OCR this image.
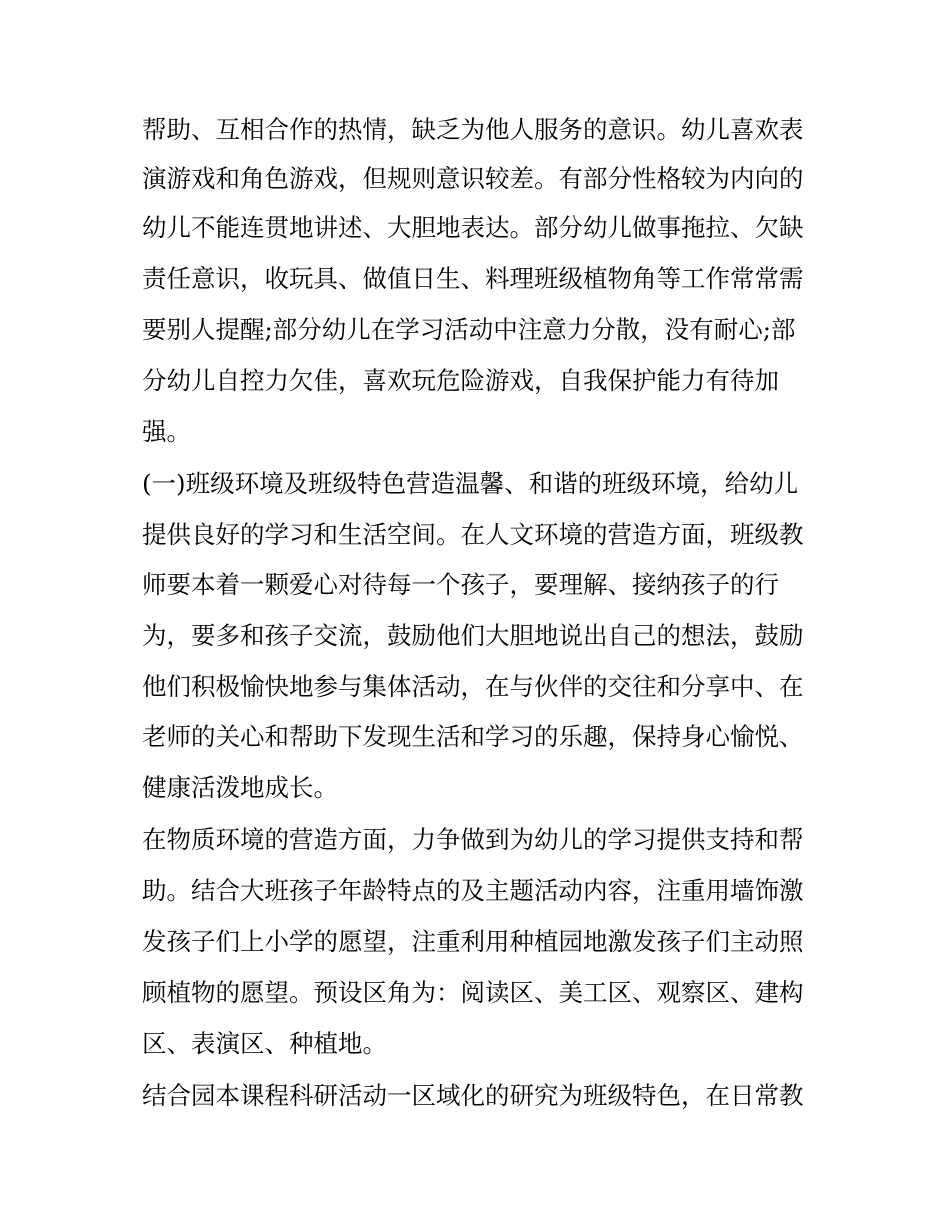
帮助、互相合作的热情，缺乏为他人服务的意识。幼儿喜欢表
演游戏和角色游戏，但规则意识较差。有部分性格较为内向的
幼儿不能连贯地讲述、大胆地表达。部分幼儿做事拖拉、欠缺
责任意识，收玩具、做值日生、料理班级植物角等工作常常需
要别人提醒;部分幼儿在学习活动中注意力分散，没有耐心;部
分幼儿自控力欠佳，喜欢玩危险游戏，自我保护能力有待加
强。
(一)班级环境及班级特色营造温馨、和谐的班级环境，给幼儿
提供良好的学习和生活空间。在人文环境的营造方面，班级教
师要本着一颗爱心对待每一个孩子，要理解、接纳孩子的行
为，要多和孩子交流，鼓励他们大胆地说出自己的想法，鼓励
他们积极愉快地参与集体活动，在与伙伴的交往和分享中、在
老师的关心和帮助下发现生活和学习的乐趣，保持身心愉悦、
健康活泼地成长。
在物质环境的营造方面，力争做到为幼儿的学习提供支持和帮
助。结合大班孩子年龄特点的及主题活动内容，注重用墙饰激
发孩子们上小学的愿望，注重利用种植园地激发孩子们主动照
顾植物的愿望。预设区角为：阅读区、美工区、观察区、建构
区、表演区、种植地。
结合园本课程科研活动一区域化的研究为班级特色，在日常教
